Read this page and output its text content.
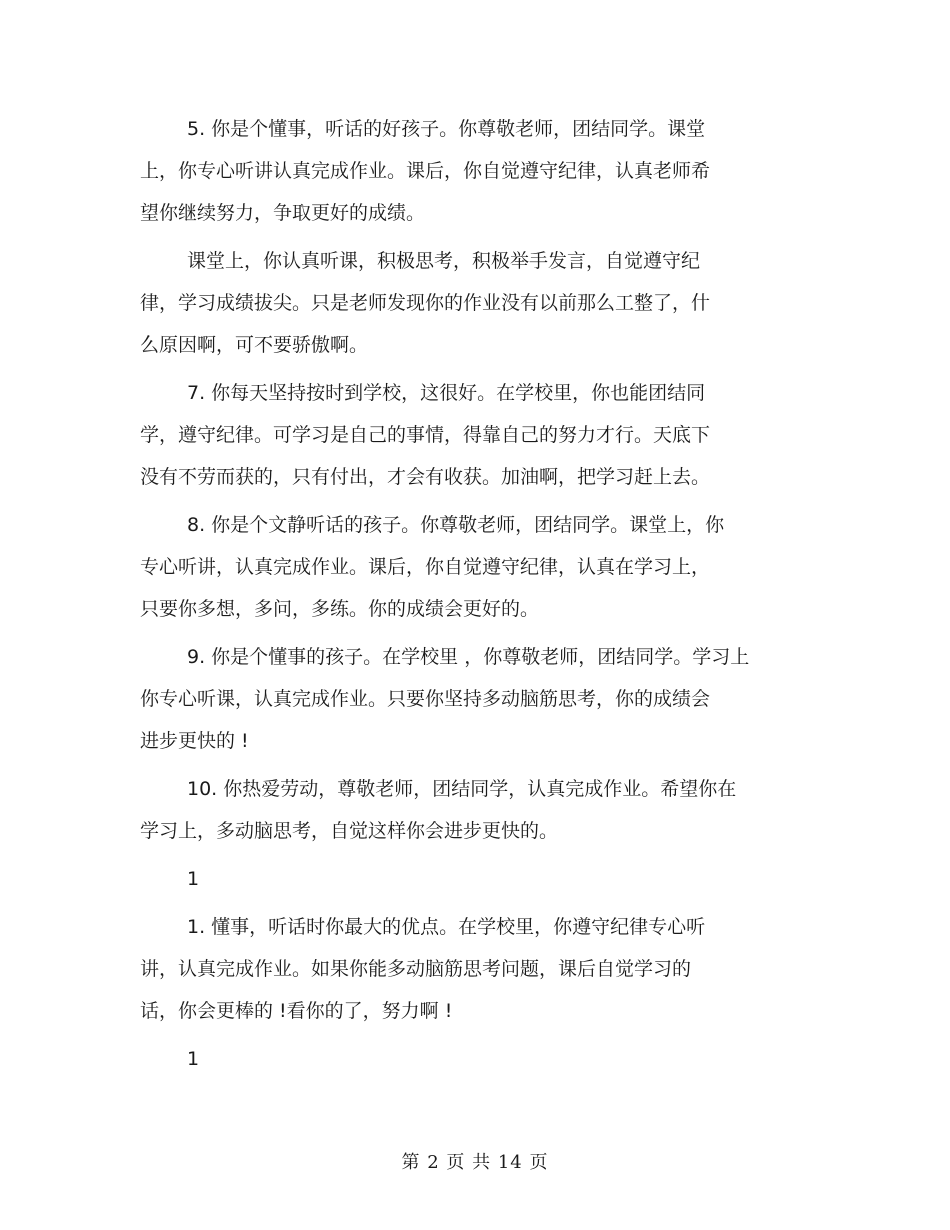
5. 你是个懂事，听话的好孩子。你尊敬老师，团结同学。课堂
上，你专心听讲认真完成作业。课后，你自觉遵守纪律，认真老师希
望你继续努力，争取更好的成绩。
课堂上，你认真听课，积极思考，积极举手发言，自觉遵守纪
律，学习成绩拔尖。只是老师发现你的作业没有以前那么工整了，什
么原因啊，可不要骄傲啊。
7. 你每天坚持按时到学校，这很好。在学校里，你也能团结同
学，遵守纪律。可学习是自己的事情，得靠自己的努力才行。天底下
没有不劳而获的，只有付出，才会有收获。加油啊，把学习赶上去。
8. 你是个文静听话的孩子。你尊敬老师，团结同学。课堂上，你
专心听讲，认真完成作业。课后，你自觉遵守纪律，认真在学习上，
只要你多想，多问，多练。你的成绩会更好的。
9. 你是个懂事的孩子。在学校里 ，你尊敬老师，团结同学。学习上
你专心听课，认真完成作业。只要你坚持多动脑筋思考，你的成绩会
进步更快的 !
10. 你热爱劳动，尊敬老师，团结同学，认真完成作业。希望你在
学习上，多动脑思考，自觉这样你会进步更快的。
1
1. 懂事，听话时你最大的优点。在学校里，你遵守纪律专心听
讲，认真完成作业。如果你能多动脑筋思考问题，课后自觉学习的
话，你会更棒的 !看你的了，努力啊 !
1
第 2 页 共 14 页
